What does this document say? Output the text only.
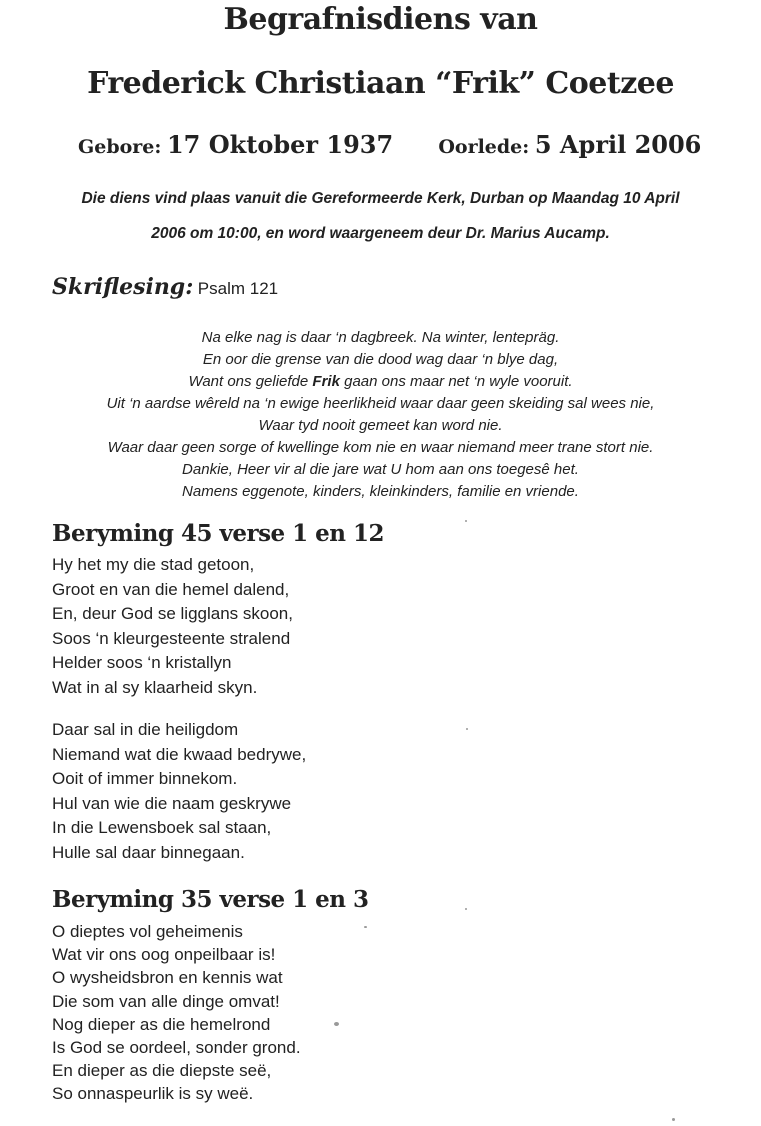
Begrafnisdiens van
Frederick Christiaan “Frik” Coetzee
Gebore: 17 Oktober 1937 Oorlede: 5 April 2006

Die diens vind plaas vanuit die Gereformeerde Kerk, Durban op Maandag 10 April

2006 om 10:00, en word waargeneem deur Dr. Marius Aucamp.

Skriflesing: Psalm 121
Na elke nag is daar ‘n dagbreek. Na winter, lentepräg.
En oor die grense van die dood wag daar ‘n blye dag,
Want ons geliefde Frik gaan ons maar net ‘n wyle vooruit.
Uit ‘n aardse wêreld na ‘n ewige heerlikheid waar daar geen skeiding sal wees nie,
Waar tyd nooit gemeet kan word nie.
Waar daar geen sorge of kwellinge kom nie en waar niemand meer trane stort nie.
Dankie, Heer vir al die jare wat U hom aan ons toegesê het.
Namens eggenote, kinders, kleinkinders, familie en vriende.
Beryming 45 verse 1 en 12
Hy het my die stad getoon,
Groot en van die hemel dalend,
En, deur God se ligglans skoon,
Soos ‘n kleurgesteente stralend
Helder soos ‘n kristallyn
Wat in al sy klaarheid skyn.
Daar sal in die heiligdom
Niemand wat die kwaad bedrywe,
Ooit of immer binnekom.
Hul van wie die naam geskrywe
In die Lewensboek sal staan,
Hulle sal daar binnegaan.
Beryming 35 verse 1 en 3
O dieptes vol geheimenis
Wat vir ons oog onpeilbaar is!
O wysheidsbron en kennis wat
Die som van alle dinge omvat!
Nog dieper as die hemelrond
Is God se oordeel, sonder grond.
En dieper as die diepste seë,
So onnaspeurlik is sy weë.
